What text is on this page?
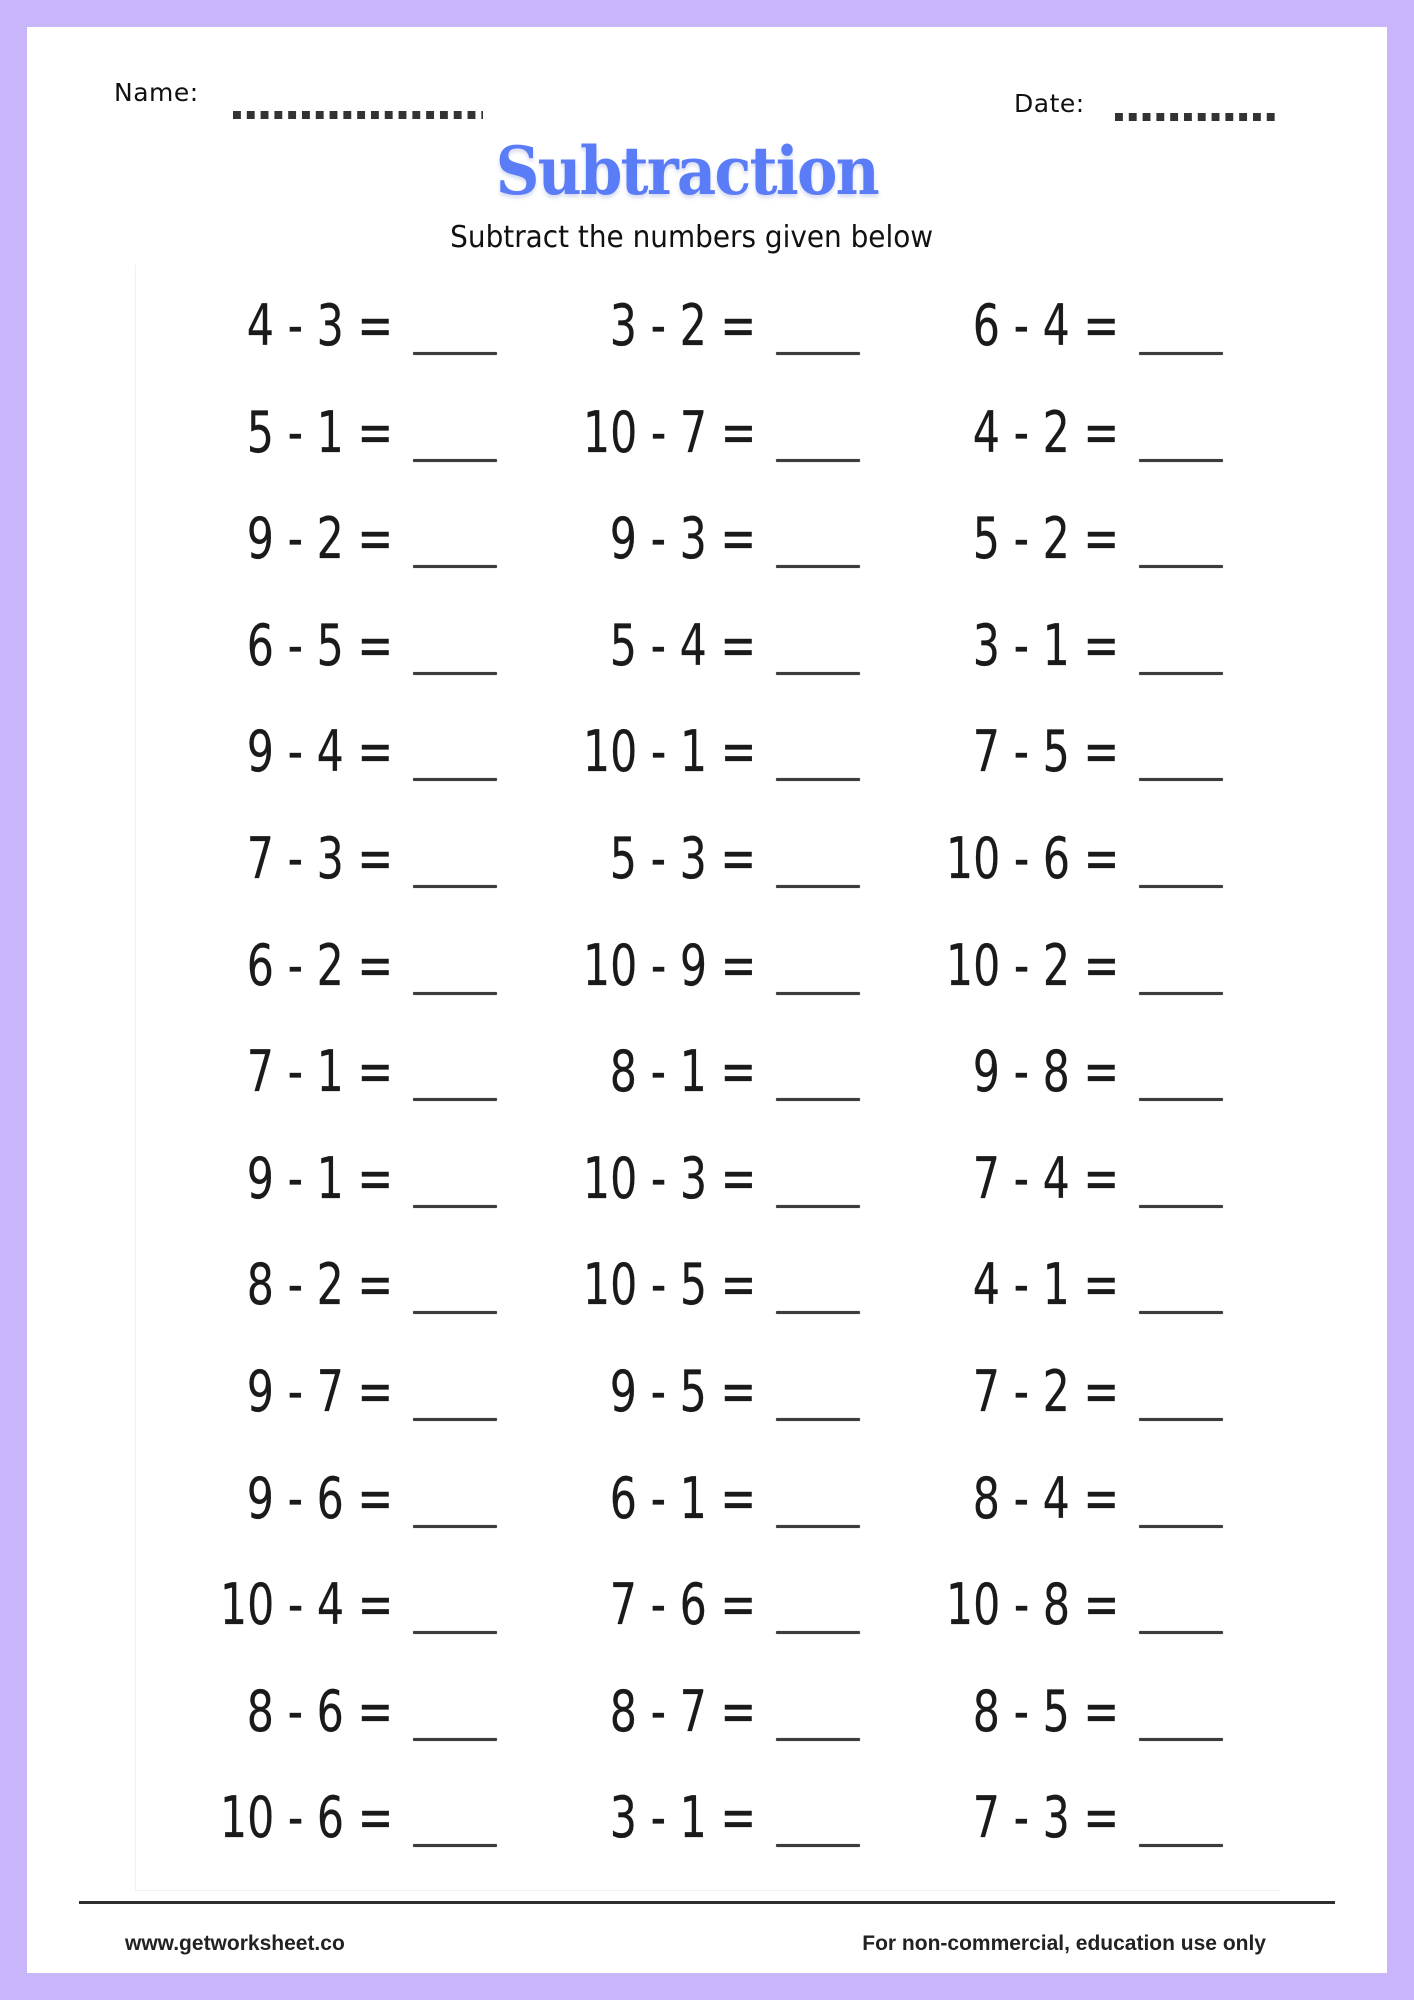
Name:	Date:
Subtraction
Subtract the numbers given below
4 - 3 =	3 - 2 =	6 - 4 =
5 - 1 =	10 - 7 =	4 - 2 =
9 - 2 =	9 - 3 =	5 - 2 =
6 - 5 =	5 - 4 =	3 - 1 =
9 - 4 =	10 - 1 =	7 - 5 =
7 - 3 =	5 - 3 =	10 - 6 =
6 - 2 =	10 - 9 =	10 - 2 =
7 - 1 =	8 - 1 =	9 - 8 =
9 - 1 =	10 - 3 =	7 - 4 =
8 - 2 =	10 - 5 =	4 - 1 =
9 - 7 =	9 - 5 =	7 - 2 =
9 - 6 =	6 - 1 =	8 - 4 =
10 - 4 =	7 - 6 =	10 - 8 =
8 - 6 =	8 - 7 =	8 - 5 =
10 - 6 =	3 - 1 =	7 - 3 =
www.getworksheet.co	For non-commercial, education use only
